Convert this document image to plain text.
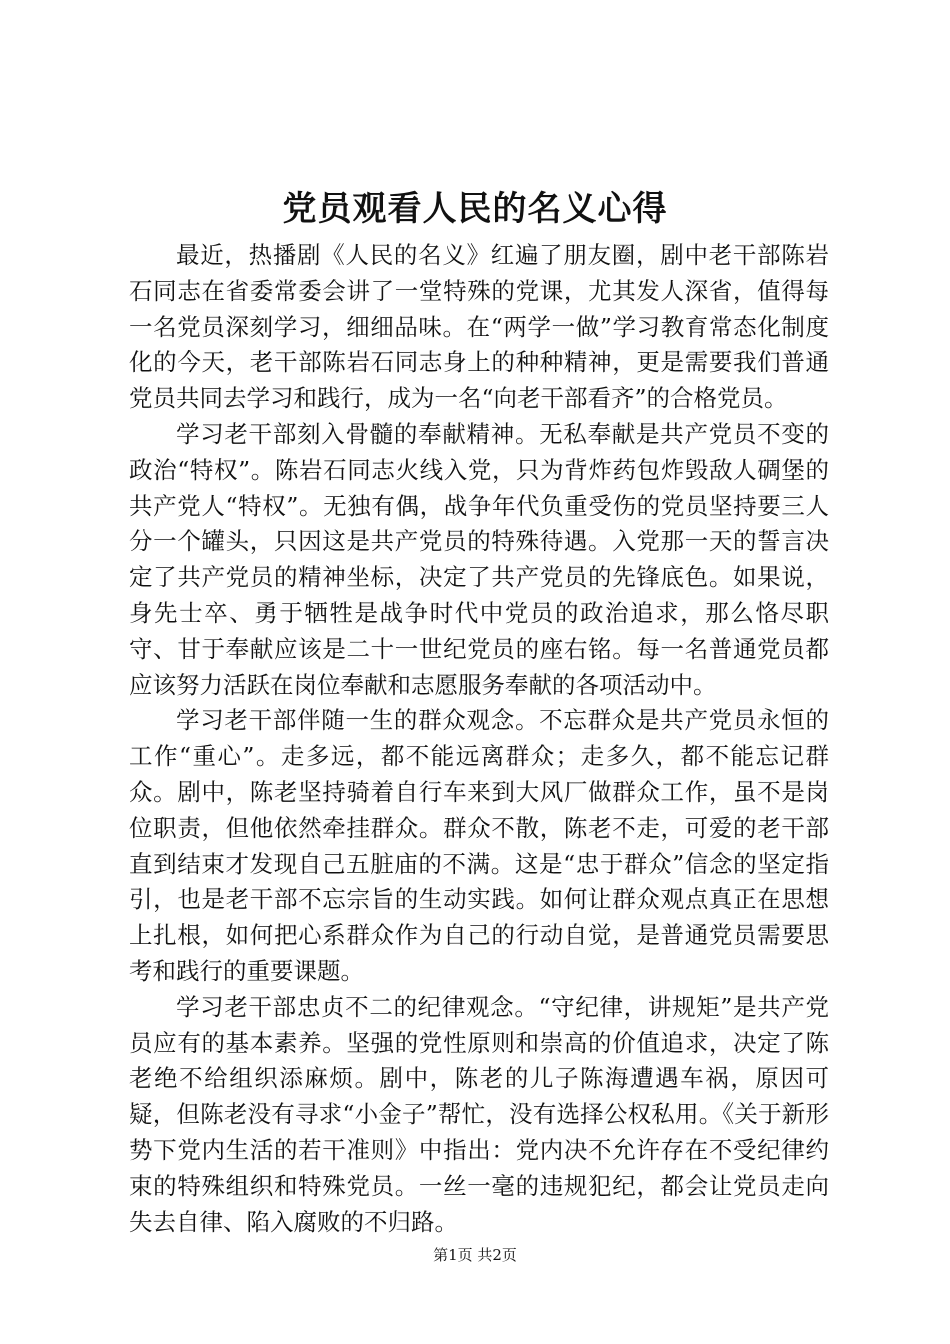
党员观看人民的名义心得

最近，热播剧《人民的名义》红遍了朋友圈，剧中老干部陈岩石同志在省委常委会讲了一堂特殊的党课，尤其发人深省，值得每一名党员深刻学习，细细品味。在“两学一做”学习教育常态化制度化的今天，老干部陈岩石同志身上的种种精神，更是需要我们普通党员共同去学习和践行，成为一名“向老干部看齐”的合格党员。

学习老干部刻入骨髓的奉献精神。无私奉献是共产党员不变的政治“特权”。陈岩石同志火线入党，只为背炸药包炸毁敌人碉堡的共产党人“特权”。无独有偶，战争年代负重受伤的党员坚持要三人分一个罐头，只因这是共产党员的特殊待遇。入党那一天的誓言决定了共产党员的精神坐标，决定了共产党员的先锋底色。如果说，身先士卒、勇于牺牲是战争时代中党员的政治追求，那么恪尽职守、甘于奉献应该是二十一世纪党员的座右铭。每一名普通党员都应该努力活跃在岗位奉献和志愿服务奉献的各项活动中。

学习老干部伴随一生的群众观念。不忘群众是共产党员永恒的工作“重心”。走多远，都不能远离群众；走多久，都不能忘记群众。剧中，陈老坚持骑着自行车来到大风厂做群众工作，虽不是岗位职责，但他依然牵挂群众。群众不散，陈老不走，可爱的老干部直到结束才发现自己五脏庙的不满。这是“忠于群众”信念的坚定指引，也是老干部不忘宗旨的生动实践。如何让群众观点真正在思想上扎根，如何把心系群众作为自己的行动自觉，是普通党员需要思考和践行的重要课题。

学习老干部忠贞不二的纪律观念。“守纪律，讲规矩”是共产党员应有的基本素养。坚强的党性原则和崇高的价值追求，决定了陈老绝不给组织添麻烦。剧中，陈老的儿子陈海遭遇车祸，原因可疑，但陈老没有寻求“小金子”帮忙，没有选择公权私用。《关于新形势下党内生活的若干准则》中指出：党内决不允许存在不受纪律约束的特殊组织和特殊党员。一丝一毫的违规犯纪，都会让党员走向失去自律、陷入腐败的不归路。

第1页 共2页
